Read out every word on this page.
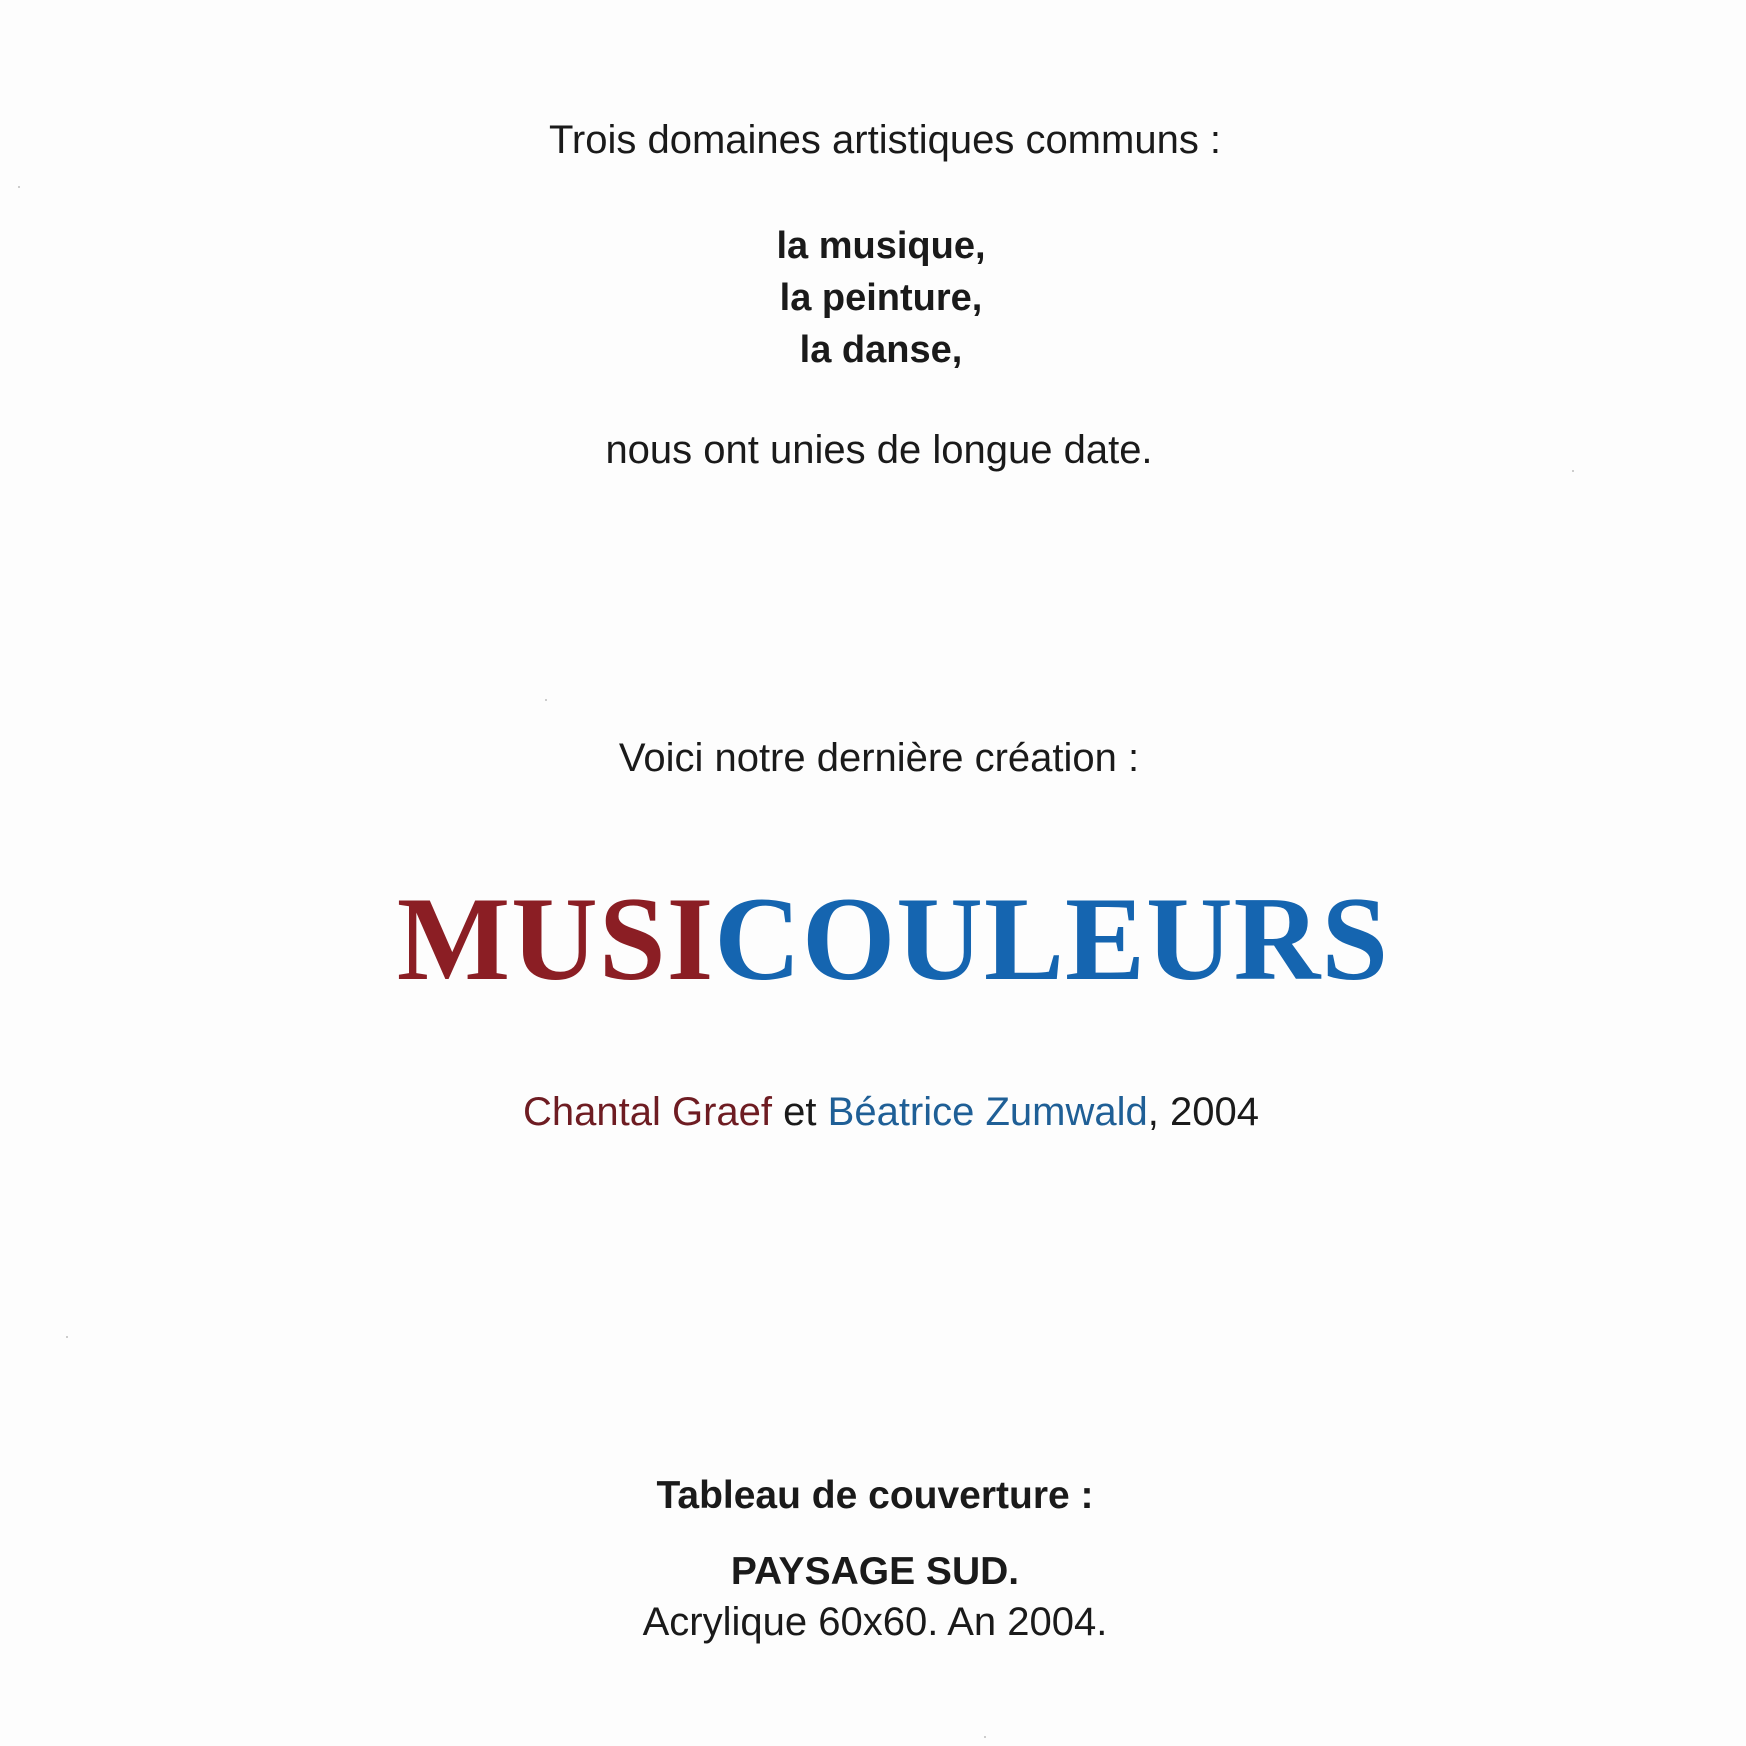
Trois domaines artistiques communs :
la musique,
la peinture,
la danse,
nous ont unies de longue date.
Voici notre dernière création :
MUSICOULEURS
Chantal Graef et Béatrice Zumwald, 2004
Tableau de couverture :
PAYSAGE SUD.
Acrylique 60x60. An 2004.
